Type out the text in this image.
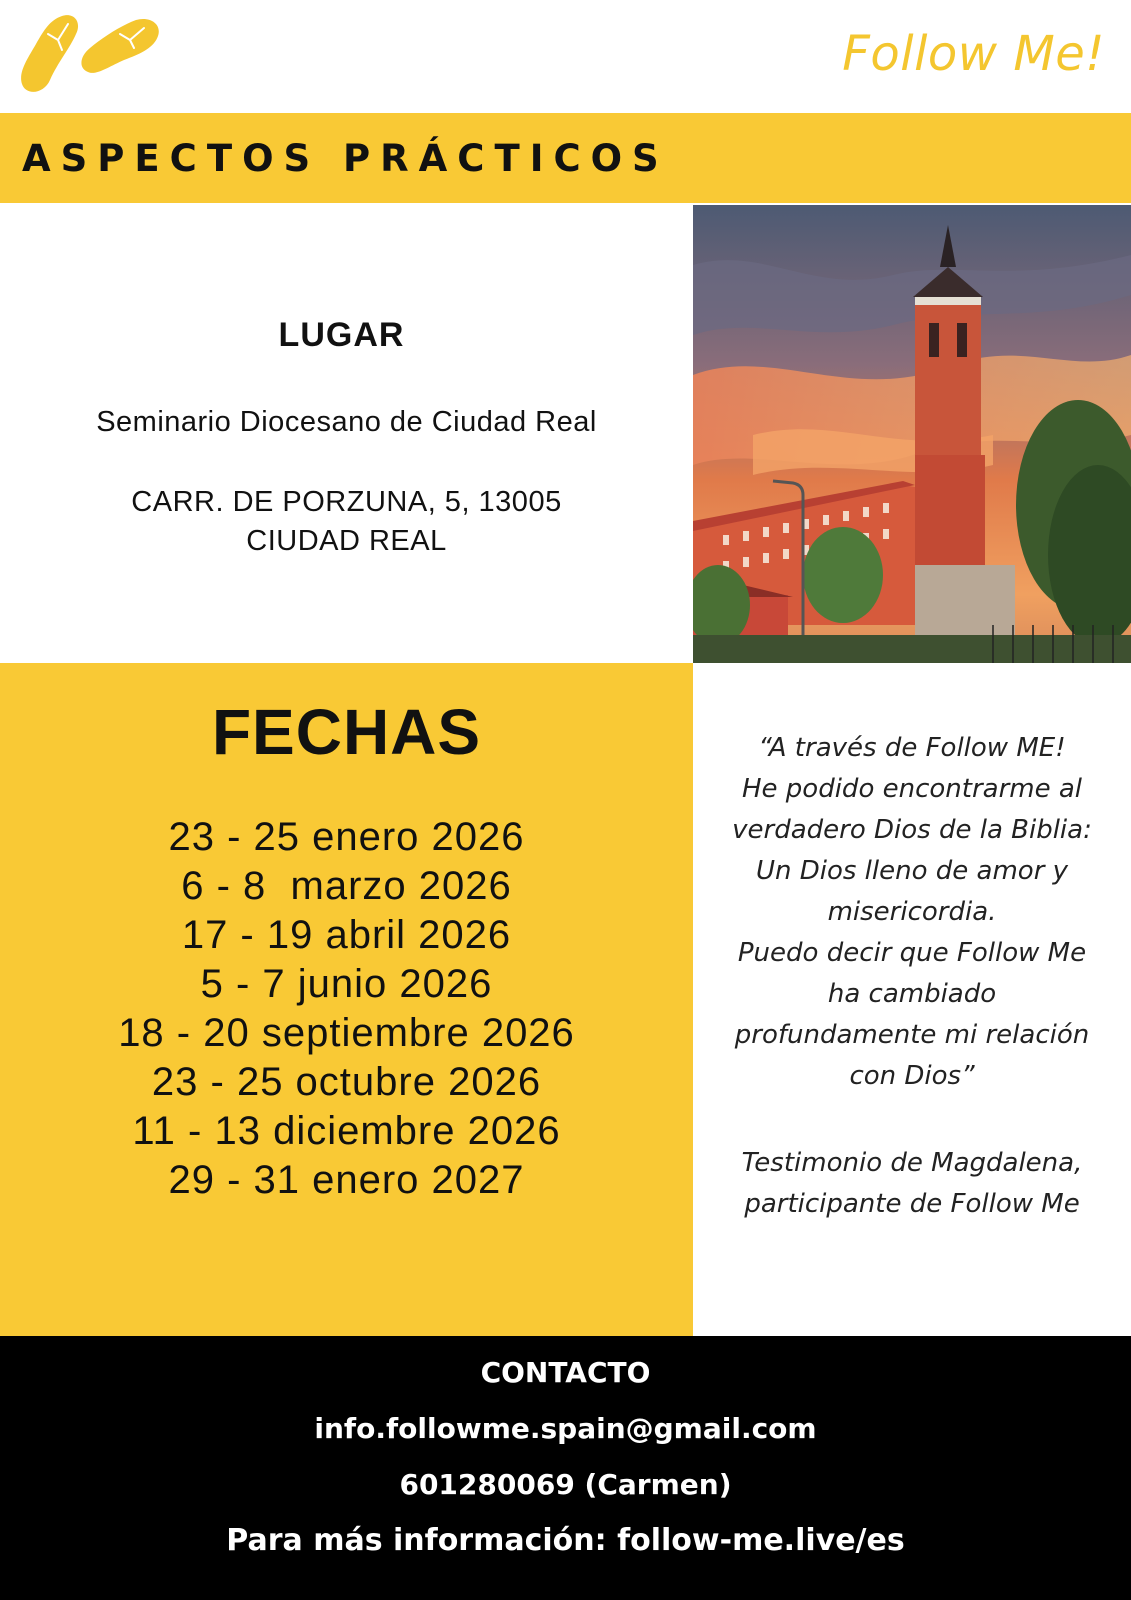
Follow Me!
ASPECTOS PRÁCTICOS
LUGAR
Seminario Diocesano de Ciudad Real
CARR. DE PORZUNA, 5, 13005
CIUDAD REAL
FECHAS
23 - 25 enero 2026
6 - 8  marzo 2026
17 - 19 abril 2026
5 - 7 junio 2026
18 - 20 septiembre 2026
23 - 25 octubre 2026
11 - 13 diciembre 2026
29 - 31 enero 2027
“A través de Follow ME!
He podido encontrarme al
verdadero Dios de la Biblia:
Un Dios lleno de amor y
misericordia.
Puedo decir que Follow Me
ha cambiado
profundamente mi relación
con Dios”
Testimonio de Magdalena,
participante de Follow Me
CONTACTO
info.followme.spain@gmail.com
601280069 (Carmen)
Para más información: follow-me.live/es
